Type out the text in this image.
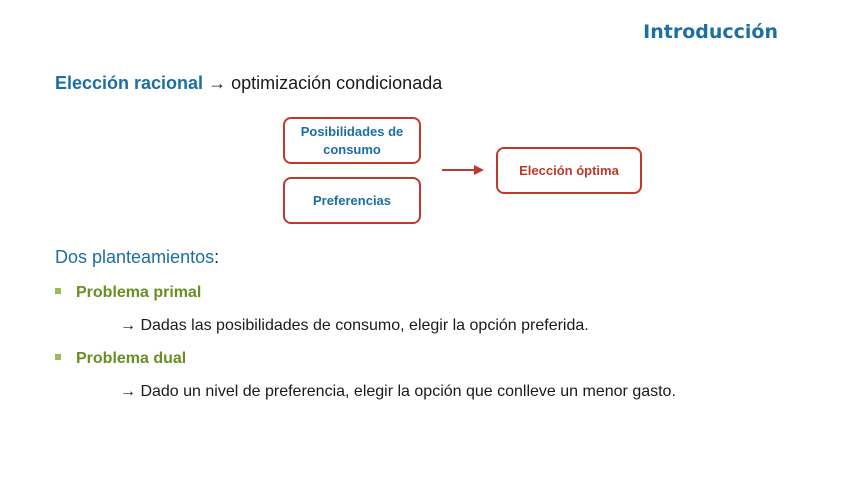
Introducción
Elección racional → optimización condicionada
Posibilidades de consumo
Preferencias
Elección óptima
Dos planteamientos:
Problema primal
→ Dadas las posibilidades de consumo, elegir la opción preferida.
Problema dual
→ Dado un nivel de preferencia, elegir la opción que conlleve un menor gasto.
